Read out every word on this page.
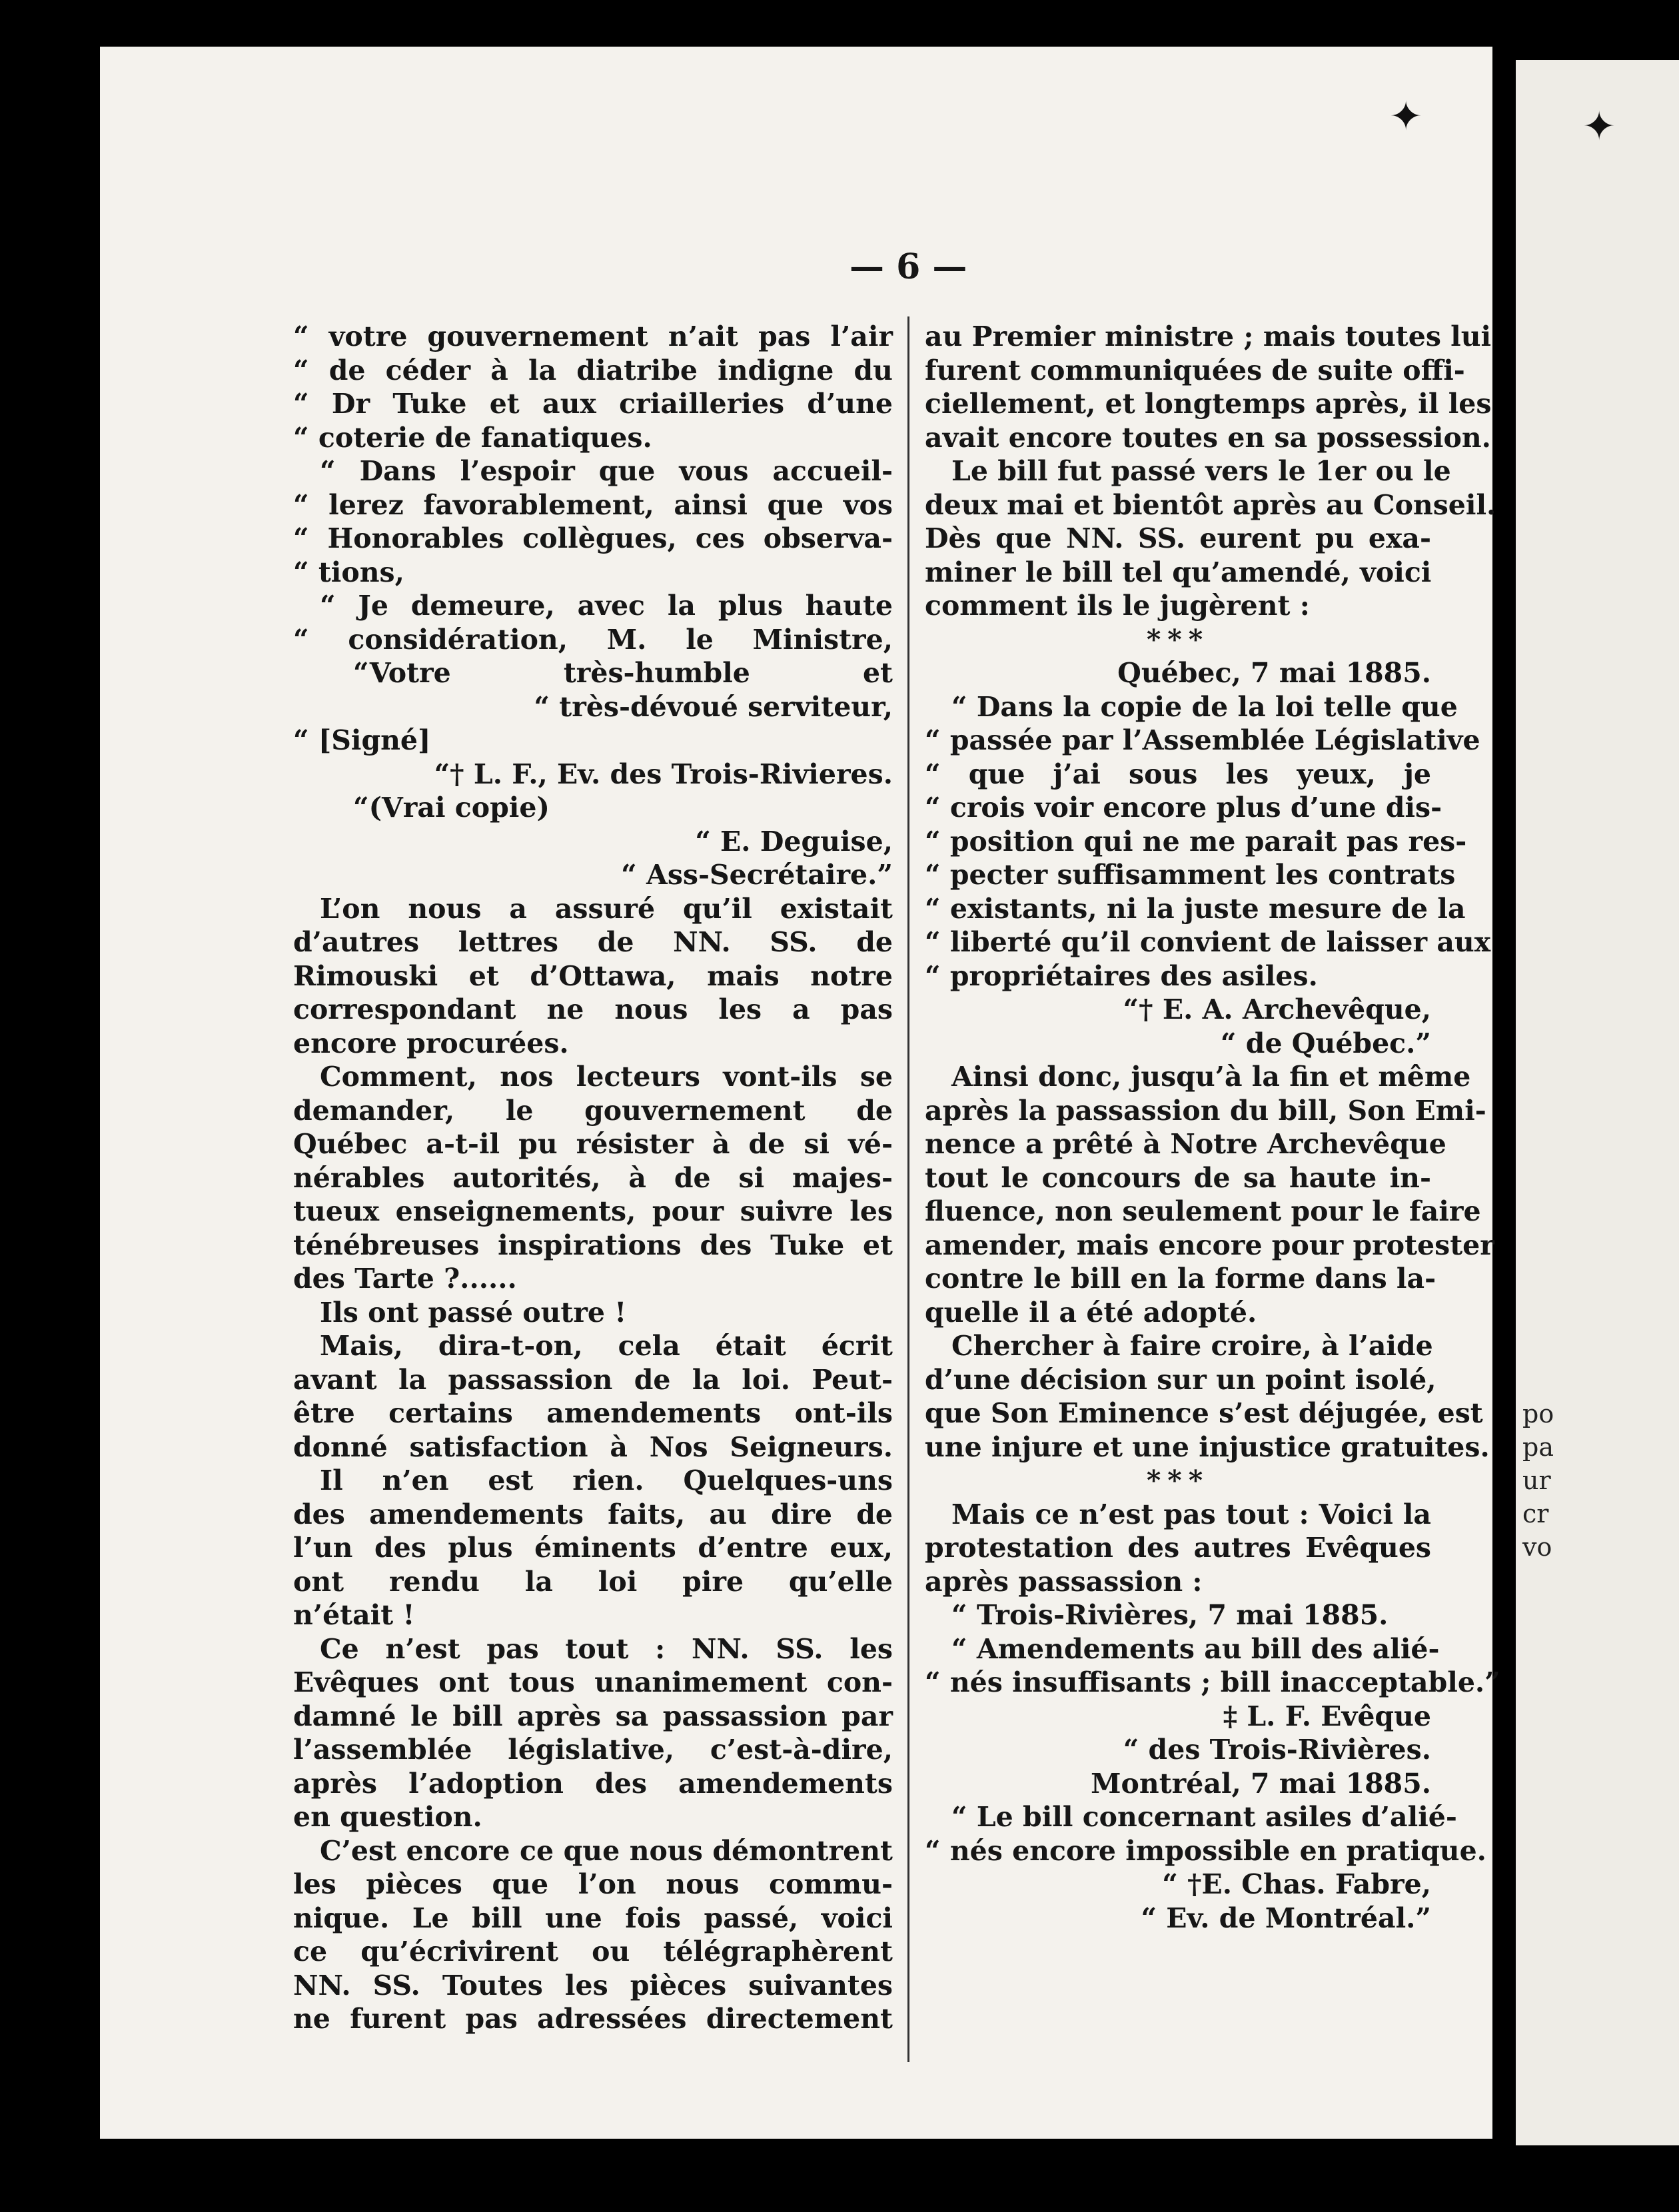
— 6 —
“ votre gouvernement n’ait pas l’air
“ de céder à la diatribe indigne du
“ Dr Tuke et aux criailleries d’une
“ coterie de fanatiques.
“ Dans l’espoir que vous accueil-
“ lerez favorablement, ainsi que vos
“ Honorables collègues, ces observa-
“ tions,
“ Je demeure, avec la plus haute
“ considération, M. le Ministre,
“Votre très-humble et
“ très-dévoué serviteur,
“ [Signé]
“† L. F., Ev. des Trois-Rivieres.
“(Vrai copie)
“ E. Deguise,
“ Ass-Secrétaire.”
L’on nous a assuré qu’il existait
d’autres lettres de NN. SS. de
Rimouski et d’Ottawa, mais notre
correspondant ne nous les a pas
encore procurées.
Comment, nos lecteurs vont-ils se
demander, le gouvernement de
Québec a-t-il pu résister à de si vé-
nérables autorités, à de si majes-
tueux enseignements, pour suivre les
ténébreuses inspirations des Tuke et
des Tarte ?......
Ils ont passé outre !
Mais, dira-t-on, cela était écrit
avant la passassion de la loi. Peut-
être certains amendements ont-ils
donné satisfaction à Nos Seigneurs.
Il n’en est rien. Quelques-uns
des amendements faits, au dire de
l’un des plus éminents d’entre eux,
ont rendu la loi pire qu’elle
n’était !
Ce n’est pas tout : NN. SS. les
Evêques ont tous unanimement con-
damné le bill après sa passassion par
l’assemblée législative, c’est-à-dire,
après l’adoption des amendements
en question.
C’est encore ce que nous démontrent
les pièces que l’on nous commu-
nique. Le bill une fois passé, voici
ce qu’écrivirent ou télégraphèrent
NN. SS. Toutes les pièces suivantes
ne furent pas adressées directement
au Premier ministre ; mais toutes lui
furent communiquées de suite offi-
ciellement, et longtemps après, il les
avait encore toutes en sa possession.
Le bill fut passé vers le 1er ou le
deux mai et bientôt après au Conseil.
Dès que NN. SS. eurent pu exa-
miner le bill tel qu’amendé, voici
comment ils le jugèrent :
***
Québec, 7 mai 1885.
“ Dans la copie de la loi telle que
“ passée par l’Assemblée Législative
“ que j’ai sous les yeux, je
“ crois voir encore plus d’une dis-
“ position qui ne me parait pas res-
“ pecter suffisamment les contrats
“ existants, ni la juste mesure de la
“ liberté qu’il convient de laisser aux
“ propriétaires des asiles.
“† E. A. Archevêque,
“ de Québec.”
Ainsi donc, jusqu’à la fin et même
après la passassion du bill, Son Emi-
nence a prêté à Notre Archevêque
tout le concours de sa haute in-
fluence, non seulement pour le faire
amender, mais encore pour protester
contre le bill en la forme dans la-
quelle il a été adopté.
Chercher à faire croire, à l’aide
d’une décision sur un point isolé,
que Son Eminence s’est déjugée, est
une injure et une injustice gratuites.
***
Mais ce n’est pas tout : Voici la
protestation des autres Evêques
après passassion :
“ Trois-Rivières, 7 mai 1885.
“ Amendements au bill des alié-
“ nés insuffisants ; bill inacceptable.”
‡ L. F. Evêque
“ des Trois-Rivières.
Montréal, 7 mai 1885.
“ Le bill concernant asiles d’alié-
“ nés encore impossible en pratique.
“ †E. Chas. Fabre,
“ Ev. de Montréal.”
po
pa
ur
cr
vo
✦	✦
